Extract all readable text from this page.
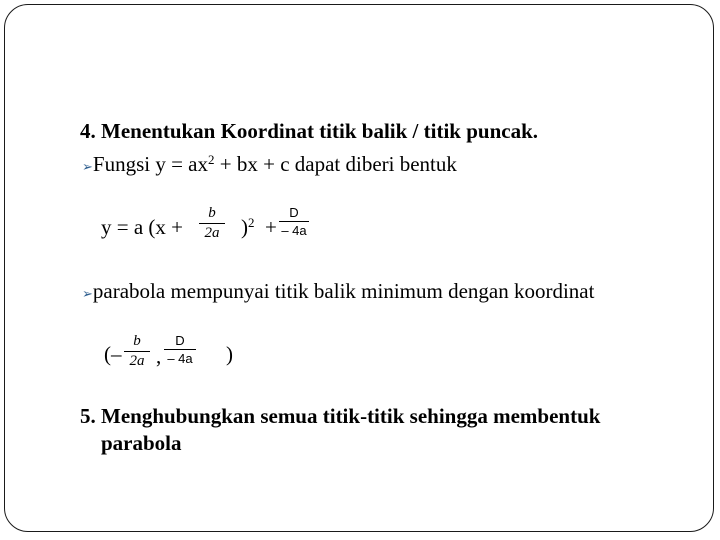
4. Menentukan Koordinat titik balik / titik puncak.
➢Fungsi $y = ax^2$ + bx + c dapat diberi bentuk
y = a (x +
b
2a )$^2$ +
D
– 4a
➢parabola mempunyai titik balik minimum dengan koordinat
(–
b
2a ,
D
– 4a )
5. Menghubungkan semua titik-titik sehingga membentuk
parabola
